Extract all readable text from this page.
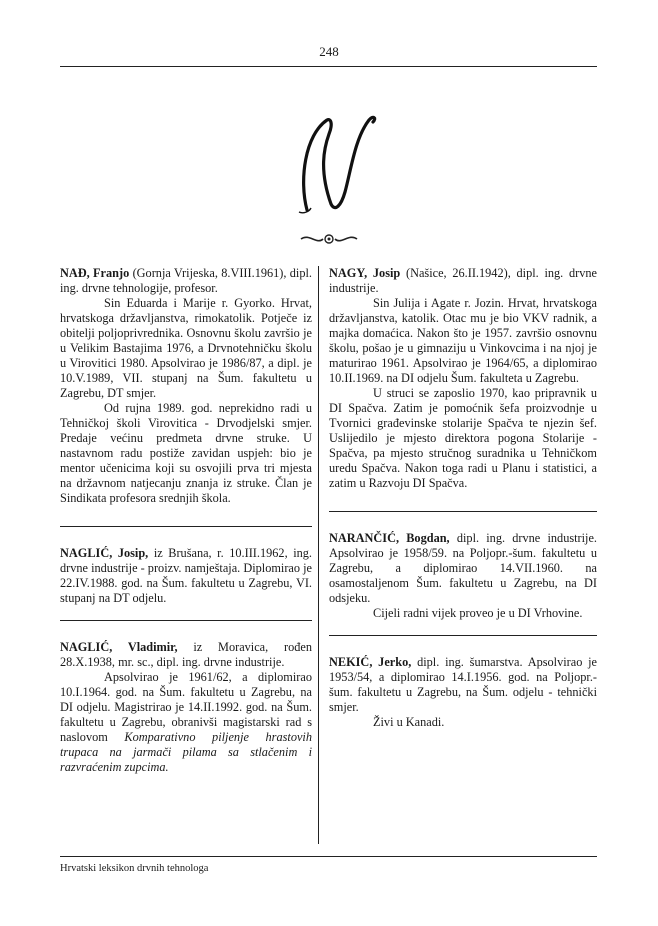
248

NAĐ, Franjo (Gornja Vrijeska, 8.VIII.1961), dipl. ing. drvne tehnologije, profesor.

Sin Eduarda i Marije r. Gyorko. Hrvat, hrvatskoga državljanstva, rimokatolik. Potječe iz obitelji poljoprivrednika. Osnovnu školu završio je u Velikim Bastajima 1976, a Drvnotehničku školu u Virovitici 1980. Apsolvirao je 1986/87, a dipl. je 10.V.1989, VII. stupanj na Šum. fakultetu u Zagrebu, DT smjer.

Od rujna 1989. god. neprekidno radi u Tehničkoj školi Virovitica - Drvodjelski smjer. Predaje većinu predmeta drvne struke. U nastavnom radu postiže zavidan uspjeh: bio je mentor učenicima koji su osvojili prva tri mjesta na državnom natjecanju znanja iz struke. Član je Sindikata profesora srednjih škola.

NAGLIĆ, Josip, iz Brušana, r. 10.III.1962, ing. drvne industrije - proizv. namještaja. Diplomirao je 22.IV.1988. god. na Šum. fakultetu u Zagrebu, VI. stupanj na DT odjelu.

NAGLIĆ, Vladimir, iz Moravica, rođen 28.X.1938, mr. sc., dipl. ing. drvne industrije.

Apsolvirao je 1961/62, a diplomirao 10.I.1964. god. na Šum. fakultetu u Zagrebu, na DI odjelu. Magistrirao je 14.II.1992. god. na Šum. fakultetu u Zagrebu, obranivši magistarski rad s naslovom Komparativno piljenje hrastovih trupaca na jarmači pilama sa stlačenim i razvraćenim zupcima.

NAGY, Josip (Našice, 26.II.1942), dipl. ing. drvne industrije.

Sin Julija i Agate r. Jozin. Hrvat, hrvatskoga državljanstva, katolik. Otac mu je bio VKV radnik, a majka domaćica. Nakon što je 1957. završio osnovnu školu, pošao je u gimnaziju u Vinkovcima i na njoj je maturirao 1961. Apsolvirao je 1964/65, a diplomirao 10.II.1969. na DI odjelu Šum. fakulteta u Zagrebu.

U struci se zaposlio 1970, kao pripravnik u DI Spačva. Zatim je pomoćnik šefa proizvodnje u Tvornici građevinske stolarije Spačva te njezin šef. Uslijedilo je mjesto direktora pogona Stolarije - Spačva, pa mjesto stručnog suradnika u Tehničkom uredu Spačva. Nakon toga radi u Planu i statistici, a zatim u Razvoju DI Spačva.

NARANČIĆ, Bogdan, dipl. ing. drvne industrije. Apsolvirao je 1958/59. na Poljopr.-šum. fakultetu u Zagrebu, a diplomirao 14.VII.1960. na osamostaljenom Šum. fakultetu u Zagrebu, na DI odsjeku.

Cijeli radni vijek proveo je u DI Vrhovine.

NEKIĆ, Jerko, dipl. ing. šumarstva. Apsolvirao je 1953/54, a diplomirao 14.I.1956. god. na Poljopr.-šum. fakultetu u Zagrebu, na Šum. odjelu - tehnički smjer.

Živi u Kanadi.

Hrvatski leksikon drvnih tehnologa
